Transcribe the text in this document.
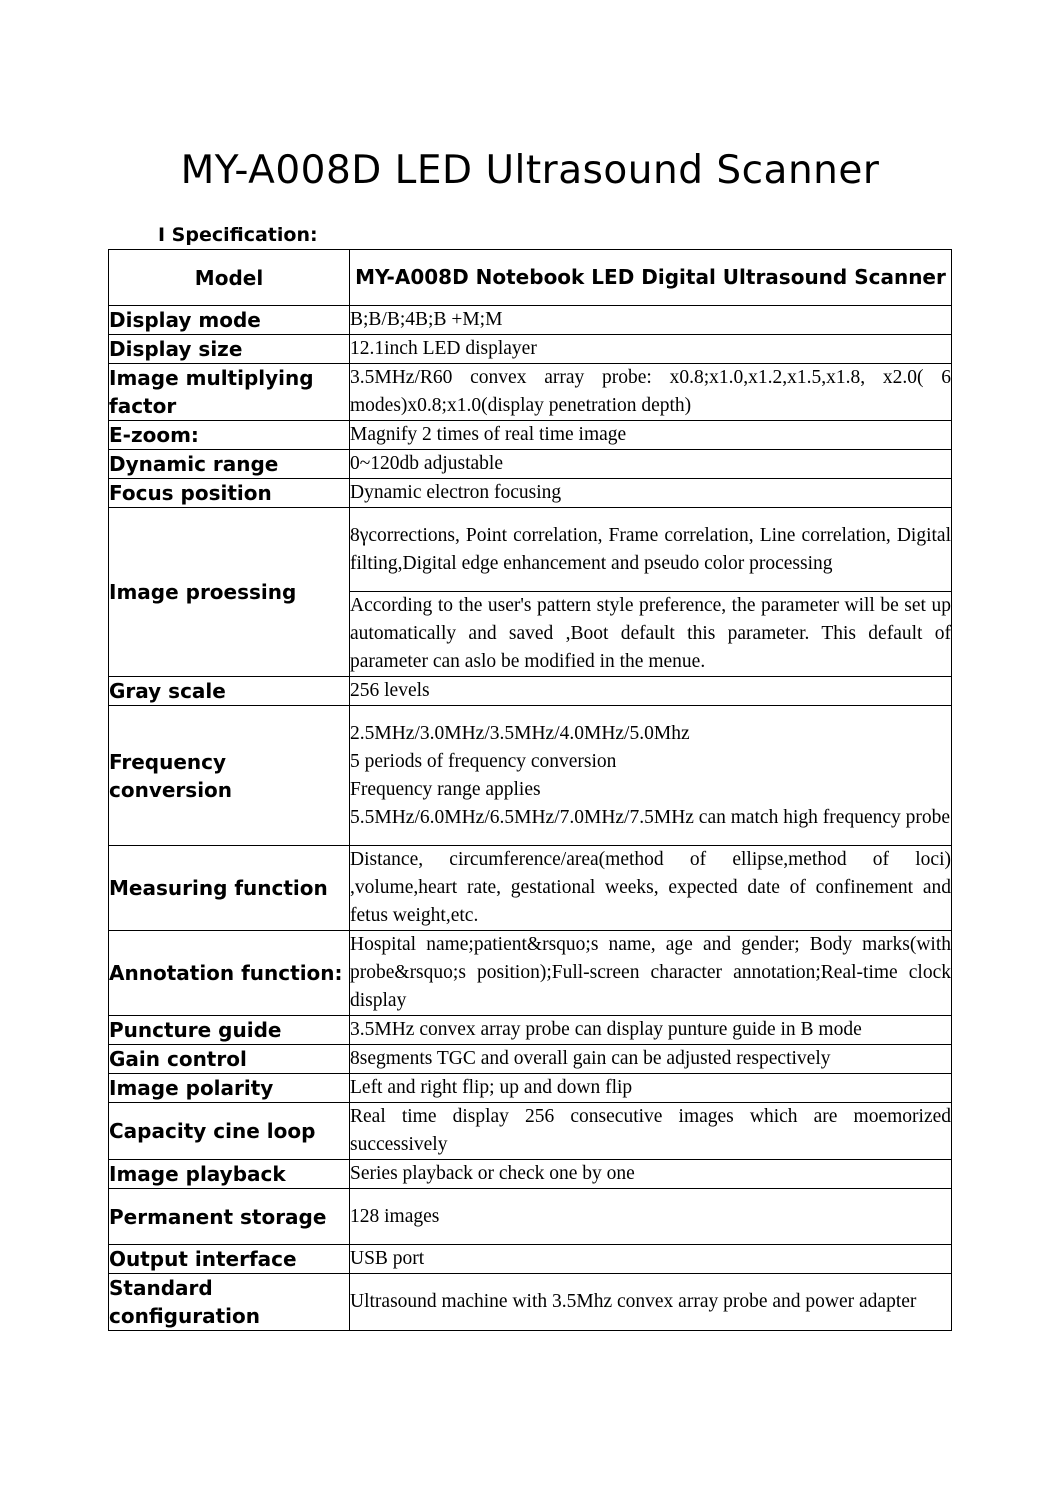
MY-A008D LED Ultrasound Scanner
I Specification:
Model	MY-A008D Notebook LED Digital Ultrasound Scanner
Display mode	B;B/B;4B;B +M;M
Display size	12.1inch LED displayer
Image multiplying factor	3.5MHz/R60 convex array probe: x0.8;x1.0,x1.2,x1.5,x1.8, x2.0( 6 modes)x0.8;x1.0(display penetration depth)
E-zoom:	Magnify 2 times of real time image
Dynamic range	0~120db adjustable
Focus position	Dynamic electron focusing
Image proessing	8γcorrections, Point correlation, Frame correlation, Line correlation, Digital filting,Digital edge enhancement and pseudo color processing
	According to the user's pattern style preference, the parameter will be set up automatically and saved ,Boot default this parameter. This default of parameter can aslo be modified in the menue.
Gray scale	256 levels
Frequency conversion	2.5MHz/3.0MHz/3.5MHz/4.0MHz/5.0Mhz
5 periods of frequency conversion
Frequency range applies
5.5MHz/6.0MHz/6.5MHz/7.0MHz/7.5MHz can match high frequency probe

Measuring function	Distance, circumference/area(method of ellipse,method of loci) ,volume,heart rate, gestational weeks, expected date of confinement and fetus weight,etc.
Annotation function:	Hospital name;patient&rsquo;s name, age and gender; Body marks(with probe&rsquo;s position);Full-screen character annotation;Real-time clock display
Puncture guide	3.5MHz convex array probe can display punture guide in B mode
Gain control	8segments TGC and overall gain can be adjusted respectively
Image polarity	Left and right flip; up and down flip
Capacity cine loop	Real time display 256 consecutive images which are moemorized successively
Image playback	Series playback or check one by one
Permanent storage	128 images
Output interface	USB port
Standard configuration	Ultrasound machine with 3.5Mhz convex array probe and power adapter
